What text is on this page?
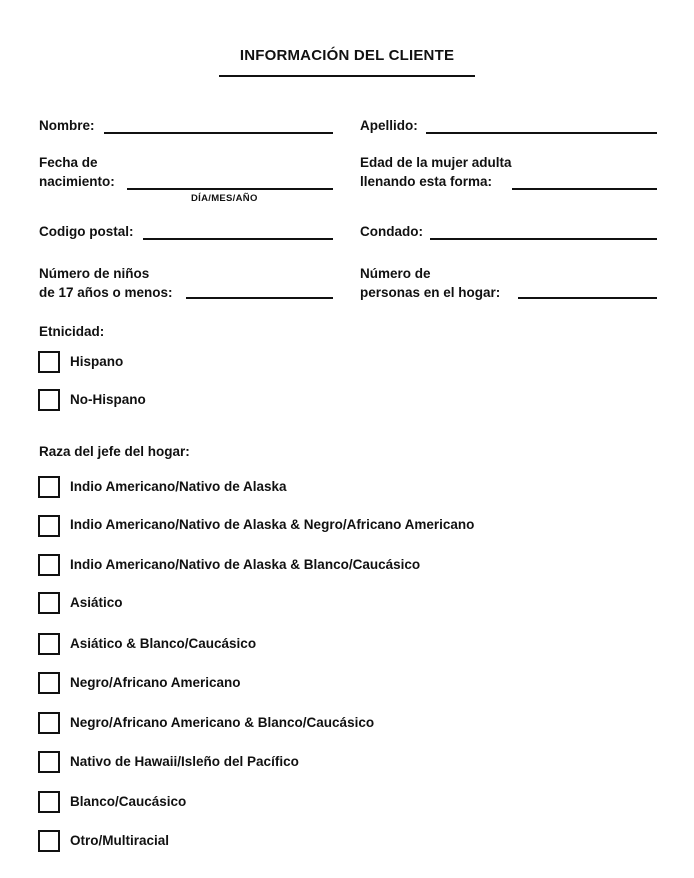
INFORMACIÓN DEL CLIENTE
Nombre:	Apellido:
Fecha de
nacimiento:
DÍA/MES/AÑO
Edad de la mujer adulta
llenando esta forma:
Codigo postal:	Condado:
Número de niños
de 17 años o menos:
Número de
personas en el hogar:
Etnicidad:
Hispano
No-Hispano
Raza del jefe del hogar:
Indio Americano/Nativo de Alaska
Indio Americano/Nativo de Alaska & Negro/Africano Americano
Indio Americano/Nativo de Alaska & Blanco/Caucásico
Asiático
Asiático & Blanco/Caucásico
Negro/Africano Americano
Negro/Africano Americano & Blanco/Caucásico
Nativo de Hawaii/Isleño del Pacífico
Blanco/Caucásico
Otro/Multiracial
